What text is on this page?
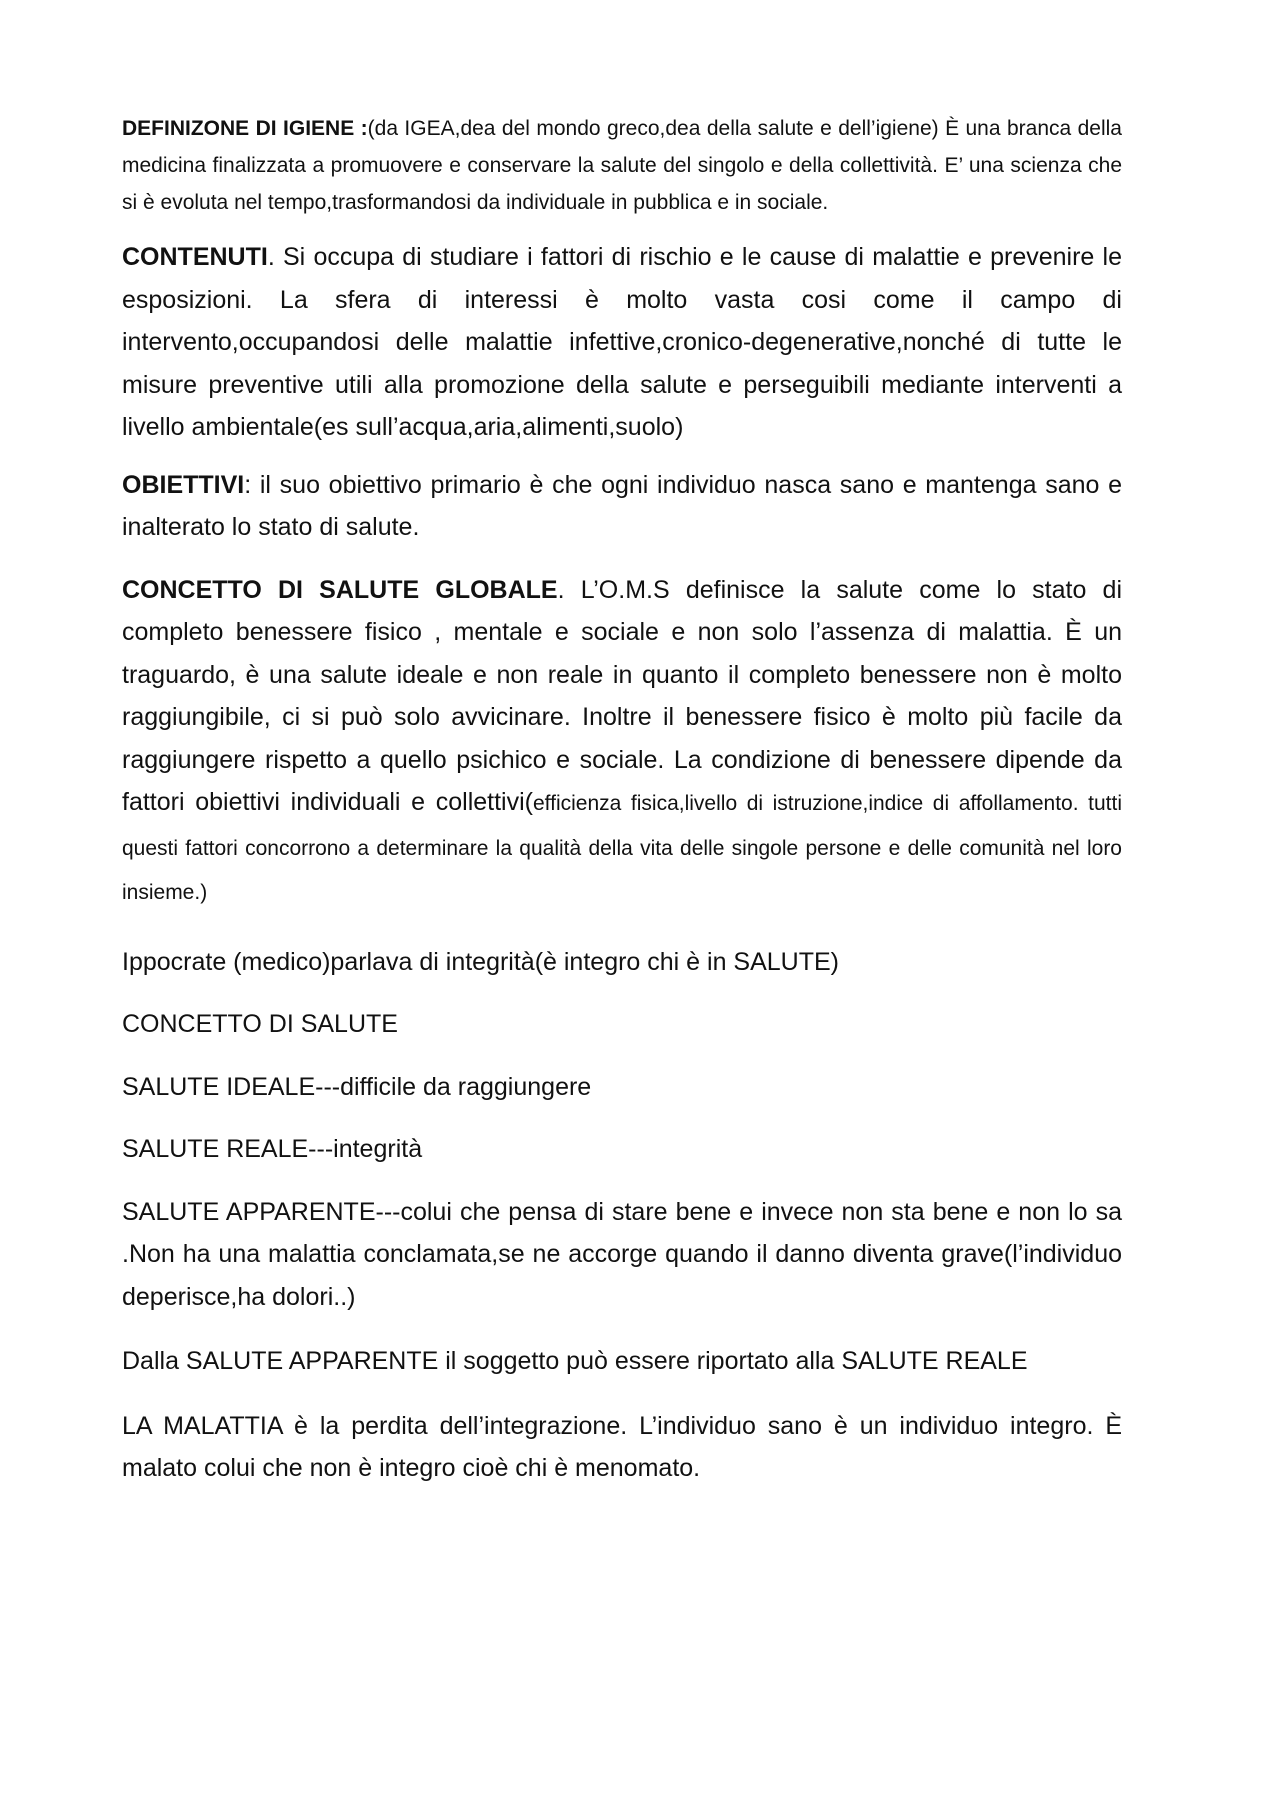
DEFINIZONE DI IGIENE :(da IGEA,dea del mondo greco,dea della salute e dell’igiene) È una branca della medicina finalizzata a promuovere e conservare la salute del singolo e della collettività. E’ una scienza che si è evoluta nel tempo,trasformandosi da individuale in pubblica e in sociale.

CONTENUTI. Si occupa di studiare i fattori di rischio e le cause di malattie e prevenire le esposizioni. La sfera di interessi è molto vasta cosi come il campo di intervento,occupandosi delle malattie infettive,cronico-degenerative,nonché di tutte le misure preventive utili alla promozione della salute e perseguibili mediante interventi a livello ambientale(es sull’acqua,aria,alimenti,suolo)

OBIETTIVI: il suo obiettivo primario è che ogni individuo nasca sano e mantenga sano e inalterato lo stato di salute.

CONCETTO DI SALUTE GLOBALE. L’O.M.S definisce la salute come lo stato di completo benessere fisico , mentale e sociale e non solo l’assenza di malattia. È un traguardo, è una salute ideale e non reale in quanto il completo benessere non è molto raggiungibile, ci si può solo avvicinare. Inoltre il benessere fisico è molto più facile da raggiungere rispetto a quello psichico e sociale. La condizione di benessere dipende da fattori obiettivi individuali e collettivi(efficienza fisica,livello di istruzione,indice di affollamento. tutti questi fattori concorrono a determinare la qualità della vita delle singole persone e delle comunità nel loro insieme.)

Ippocrate (medico)parlava di integrità(è integro chi è in SALUTE)

CONCETTO DI SALUTE

SALUTE IDEALE---difficile da raggiungere

SALUTE REALE---integrità

SALUTE APPARENTE---colui che pensa di stare bene e invece non sta bene e non lo sa .Non ha una malattia conclamata,se ne accorge quando il danno diventa grave(l’individuo deperisce,ha dolori..)

Dalla SALUTE APPARENTE il soggetto può essere riportato alla SALUTE REALE

LA MALATTIA è la perdita dell’integrazione. L’individuo sano è un individuo integro. È malato colui che non è integro cioè chi è menomato.
